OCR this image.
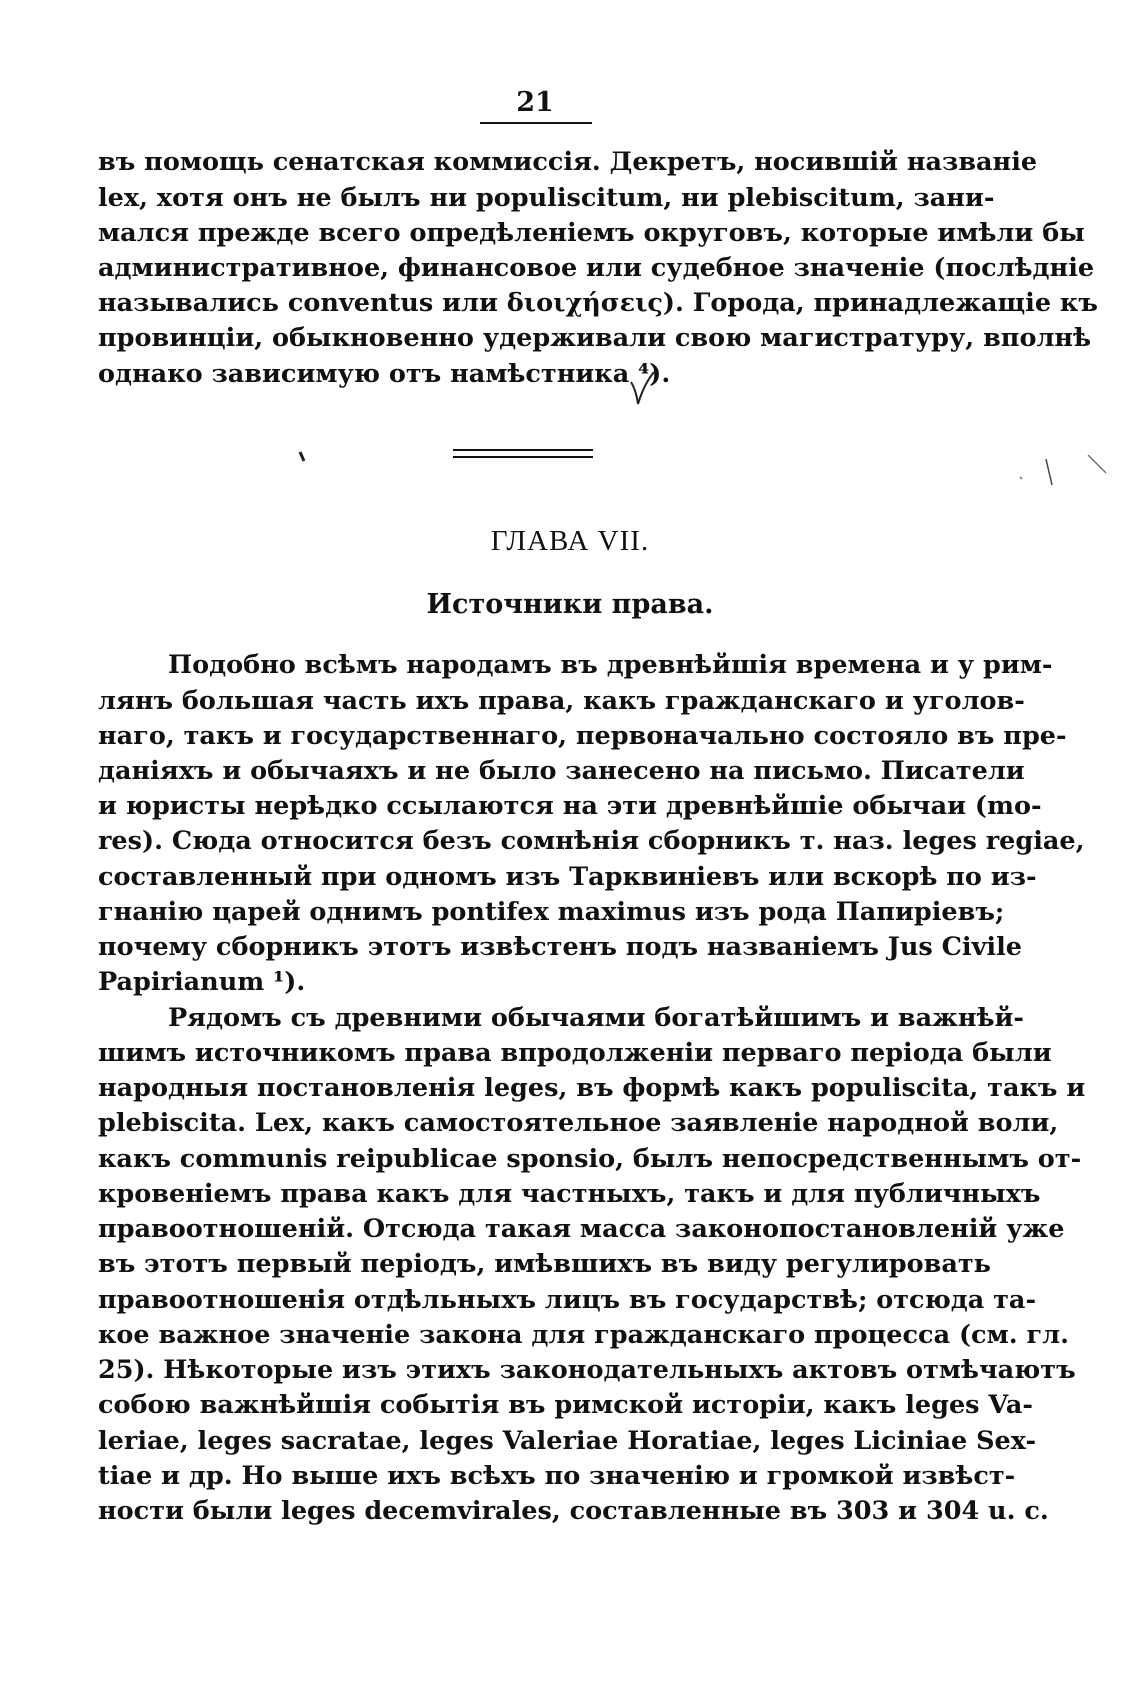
21
въ помощь сенатская коммиссія. Декретъ, носившій названіе
lex, хотя онъ не былъ ни populiscitum, ни plebiscitum, зани-
мался прежде всего опредѣленіемъ округовъ, которые имѣли бы
административное, финансовое или судебное значеніе (послѣдніе
назывались conventus или διοιχήσεις). Города, принадлежащіе къ
провинціи, обыкновенно удерживали свою магистратуру, вполнѣ
однако зависимую отъ намѣстника ⁴).
ГЛАВА VII.
Источники права.
Подобно всѣмъ народамъ въ древнѣйшія времена и у рим-
лянъ большая часть ихъ права, какъ гражданскаго и уголов-
наго, такъ и государственнаго, первоначально состояло въ пре-
даніяхъ и обычаяхъ и не было занесено на письмо. Писатели
и юристы нерѣдко ссылаются на эти древнѣйшіе обычаи (mo-
res). Сюда относится безъ сомнѣнія сборникъ т. наз. leges regiae,
составленный при одномъ изъ Тарквиніевъ или вскорѣ по из-
гнанію царей однимъ pontifex maximus изъ рода Папиріевъ;
почему сборникъ этотъ извѣстенъ подъ названіемъ Jus Civile
Papirianum ¹).
Рядомъ съ древними обычаями богатѣйшимъ и важнѣй-
шимъ источникомъ права впродолженіи перваго періода были
народныя постановленія leges, въ формѣ какъ populiscita, такъ и
plebiscita. Lex, какъ самостоятельное заявленіе народной воли,
какъ communis reipublicae sponsio, былъ непосредственнымъ от-
кровеніемъ права какъ для частныхъ, такъ и для публичныхъ
правоотношеній. Отсюда такая масса законопостановленій уже
въ этотъ первый періодъ, имѣвшихъ въ виду регулировать
правоотношенія отдѣльныхъ лицъ въ государствѣ; отсюда та-
кое важное значеніе закона для гражданскаго процесса (см. гл.
25). Нѣкоторые изъ этихъ законодательныхъ актовъ отмѣчаютъ
собою важнѣйшія событія въ римской исторіи, какъ leges Va-
leriae, leges sacratae, leges Valeriae Horatiae, leges Liciniae Sex-
tiae и др. Но выше ихъ всѣхъ по значенію и громкой извѣст-
ности были leges decemvirales, составленные въ 303 и 304 u. c.
